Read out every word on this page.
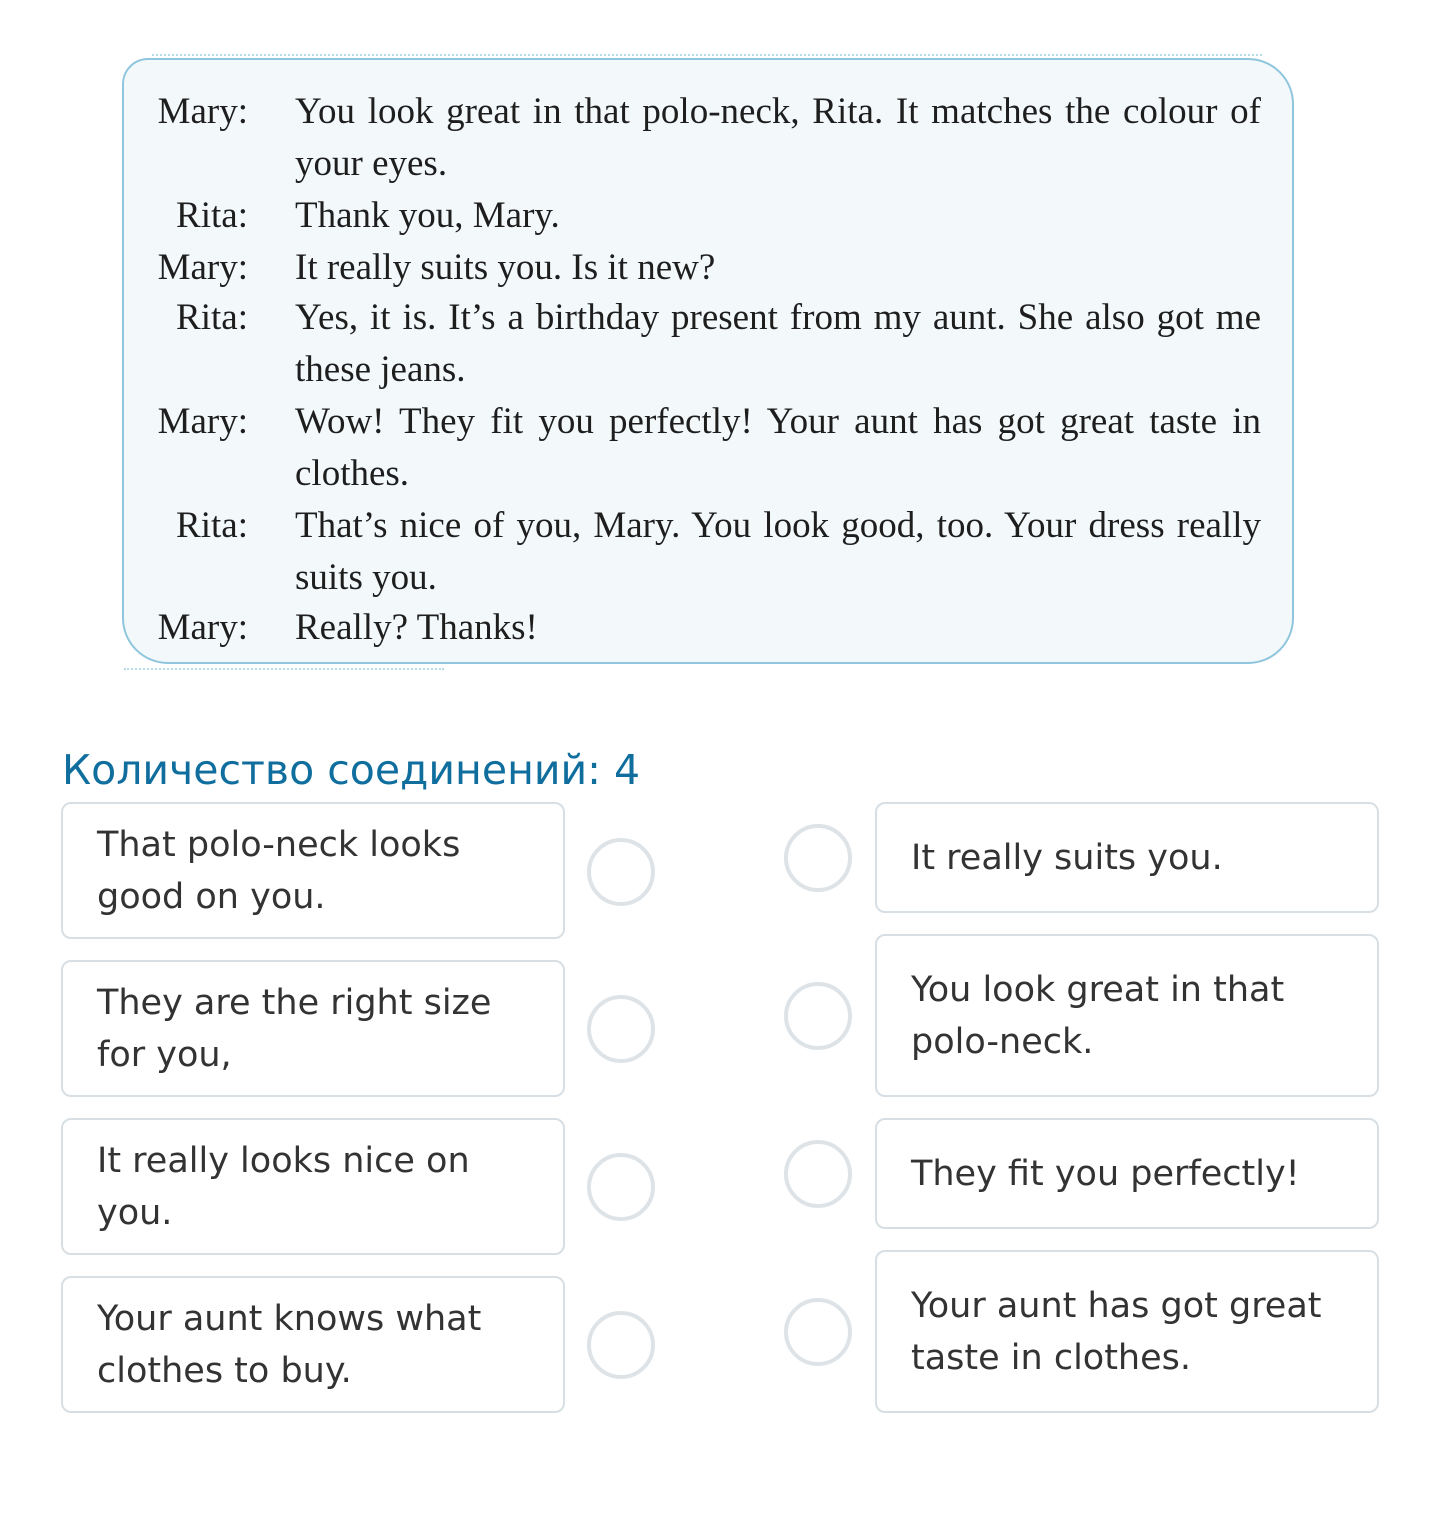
Mary: You look great in that polo-neck, Rita. It matches the colour of your eyes.
Rita: Thank you, Mary.
Mary: It really suits you. Is it new?
Rita: Yes, it is. It’s a birthday present from my aunt. She also got me these jeans.
Mary: Wow! They fit you perfectly! Your aunt has got great taste in clothes.
Rita: That’s nice of you, Mary. You look good, too. Your dress really suits you.
Mary: Really? Thanks!
Количество соединений: 4
That polo-neck looks good on you.
They are the right size for you,
It really looks nice on you.
Your aunt knows what clothes to buy.
It really suits you.
You look great in that polo-neck.
They fit you perfectly!
Your aunt has got great taste in clothes.
